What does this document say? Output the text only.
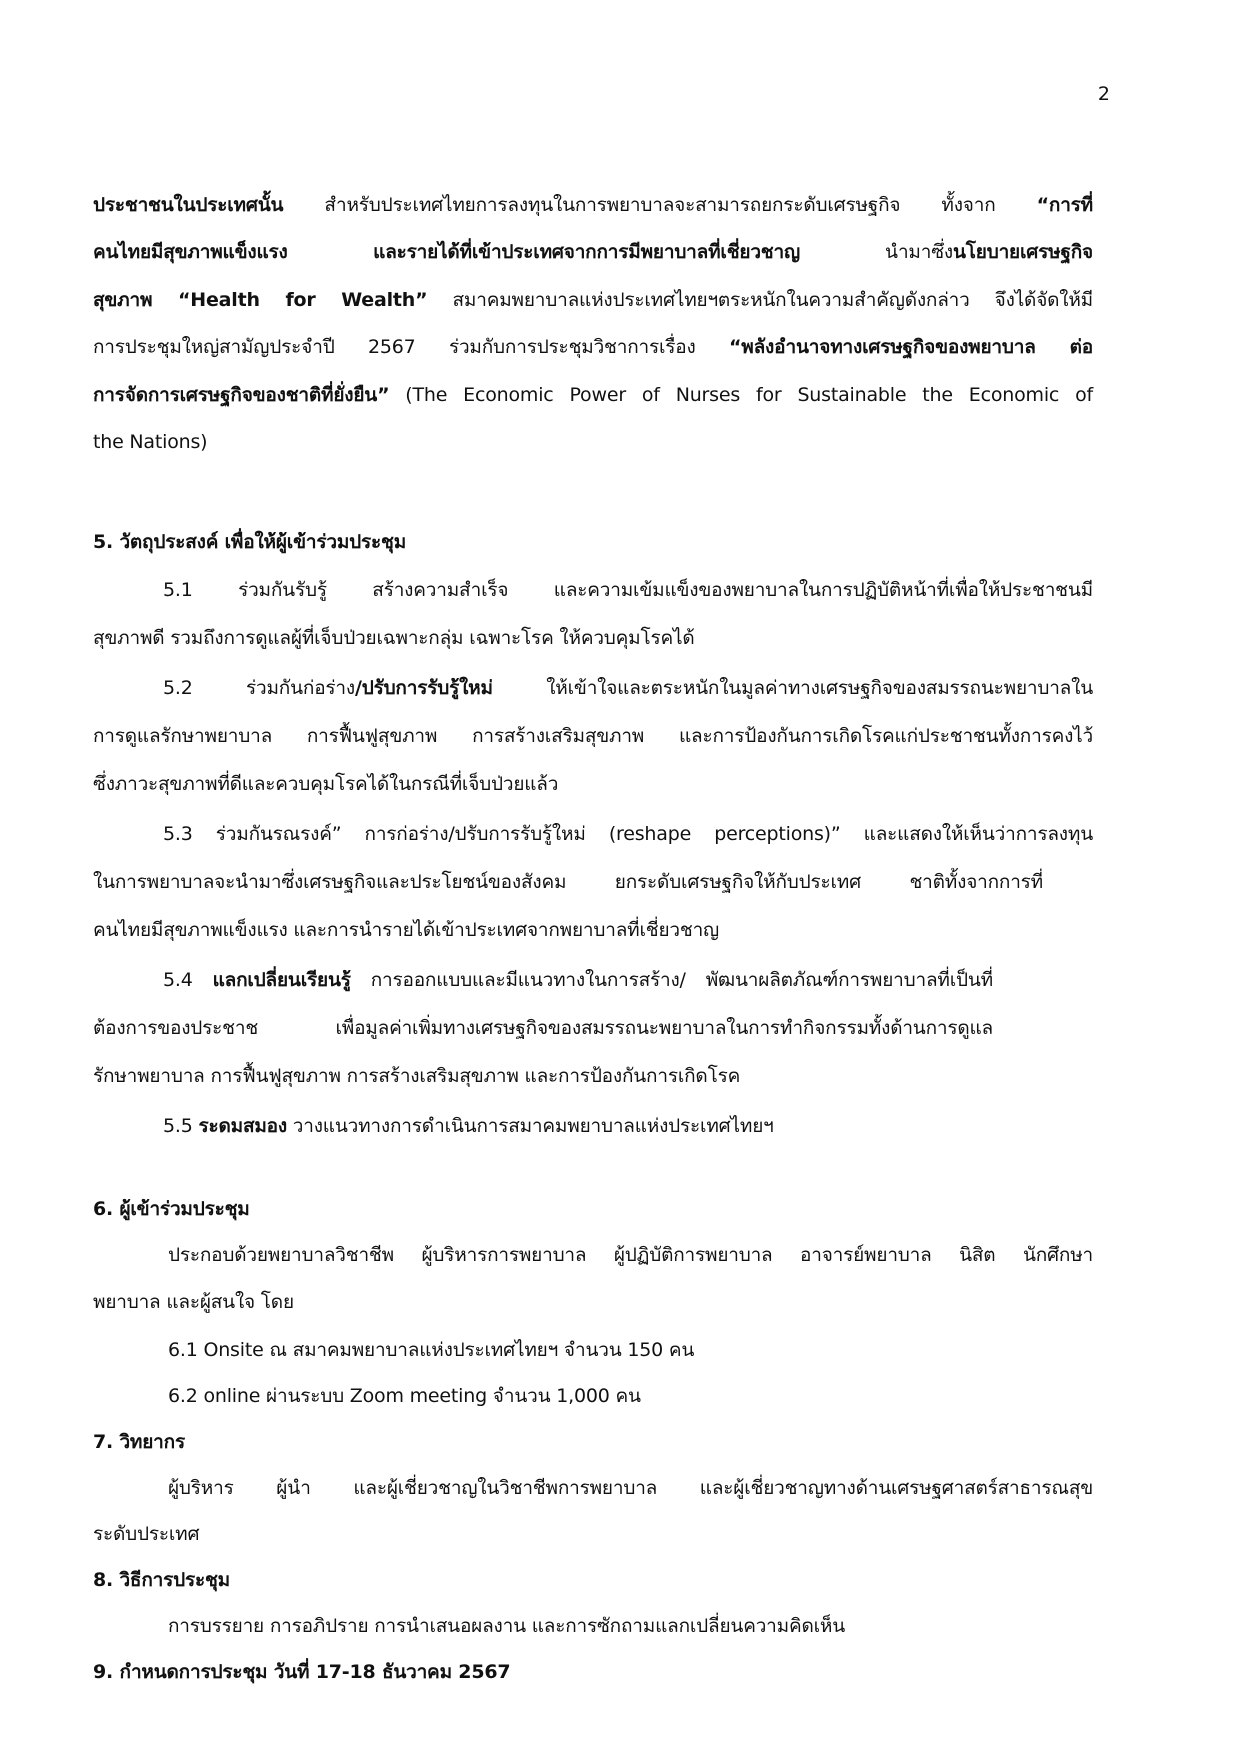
2
ประชาชนในประเทศนั้น สำหรับประเทศไทยการลงทุนในการพยาบาลจะสามารถยกระดับเศรษฐกิจ ทั้งจาก “การที่
คนไทยมีสุขภาพแข็งแรง และรายได้ที่เข้าประเทศจากการมีพยาบาลที่เชี่ยวชาญ นำมาซึ่งนโยบายเศรษฐกิจ
สุขภาพ “Health for Wealth” สมาคมพยาบาลแห่งประเทศไทยฯตระหนักในความสำคัญดังกล่าว จึงได้จัดให้มี
การประชุมใหญ่สามัญประจำปี 2567 ร่วมกับการประชุมวิชาการเรื่อง “พลังอำนาจทางเศรษฐกิจของพยาบาล ต่อ
การจัดการเศรษฐกิจของชาติที่ยั่งยืน” (The Economic Power of Nurses for Sustainable the Economic of
the Nations)
5. วัตถุประสงค์ เพื่อให้ผู้เข้าร่วมประชุม
5.1 ร่วมกันรับรู้ สร้างความสำเร็จ และความเข้มแข็งของพยาบาลในการปฏิบัติหน้าที่เพื่อให้ประชาชนมี
สุขภาพดี รวมถึงการดูแลผู้ที่เจ็บป่วยเฉพาะกลุ่ม เฉพาะโรค ให้ควบคุมโรคได้
5.2 ร่วมกันก่อร่าง/ปรับการรับรู้ใหม่ ให้เข้าใจและตระหนักในมูลค่าทางเศรษฐกิจของสมรรถนะพยาบาลใน
การดูแลรักษาพยาบาล การฟื้นฟูสุขภาพ การสร้างเสริมสุขภาพ และการป้องกันการเกิดโรคแก่ประชาชนทั้งการคงไว้
ซึ่งภาวะสุขภาพที่ดีและควบคุมโรคได้ในกรณีที่เจ็บป่วยแล้ว
5.3 ร่วมกันรณรงค์” การก่อร่าง/ปรับการรับรู้ใหม่ (reshape perceptions)” และแสดงให้เห็นว่าการลงทุน
ในการพยาบาลจะนำมาซึ่งเศรษฐกิจและประโยชน์ของสังคม ยกระดับเศรษฐกิจให้กับประเทศ ชาติทั้งจากการที่
คนไทยมีสุขภาพแข็งแรง และการนำรายได้เข้าประเทศจากพยาบาลที่เชี่ยวชาญ
5.4 แลกเปลี่ยนเรียนรู้ การออกแบบและมีแนวทางในการสร้าง/ พัฒนาผลิตภัณฑ์การพยาบาลที่เป็นที่
ต้องการของประชาช เพื่อมูลค่าเพิ่มทางเศรษฐกิจของสมรรถนะพยาบาลในการทำกิจกรรมทั้งด้านการดูแล
รักษาพยาบาล การฟื้นฟูสุขภาพ การสร้างเสริมสุขภาพ และการป้องกันการเกิดโรค
5.5 ระดมสมอง วางแนวทางการดำเนินการสมาคมพยาบาลแห่งประเทศไทยฯ
6. ผู้เข้าร่วมประชุม
ประกอบด้วยพยาบาลวิชาชีพ ผู้บริหารการพยาบาล ผู้ปฏิบัติการพยาบาล อาจารย์พยาบาล นิสิต นักศึกษา
พยาบาล และผู้สนใจ โดย
6.1 Onsite ณ สมาคมพยาบาลแห่งประเทศไทยฯ จำนวน 150 คน
6.2 online ผ่านระบบ Zoom meeting จำนวน 1,000 คน
7. วิทยากร
ผู้บริหาร ผู้นำ และผู้เชี่ยวชาญในวิชาชีพการพยาบาล และผู้เชี่ยวชาญทางด้านเศรษฐศาสตร์สาธารณสุข
ระดับประเทศ
8. วิธีการประชุม
การบรรยาย การอภิปราย การนำเสนอผลงาน และการซักถามแลกเปลี่ยนความคิดเห็น
9. กำหนดการประชุม วันที่ 17-18 ธันวาคม 2567
